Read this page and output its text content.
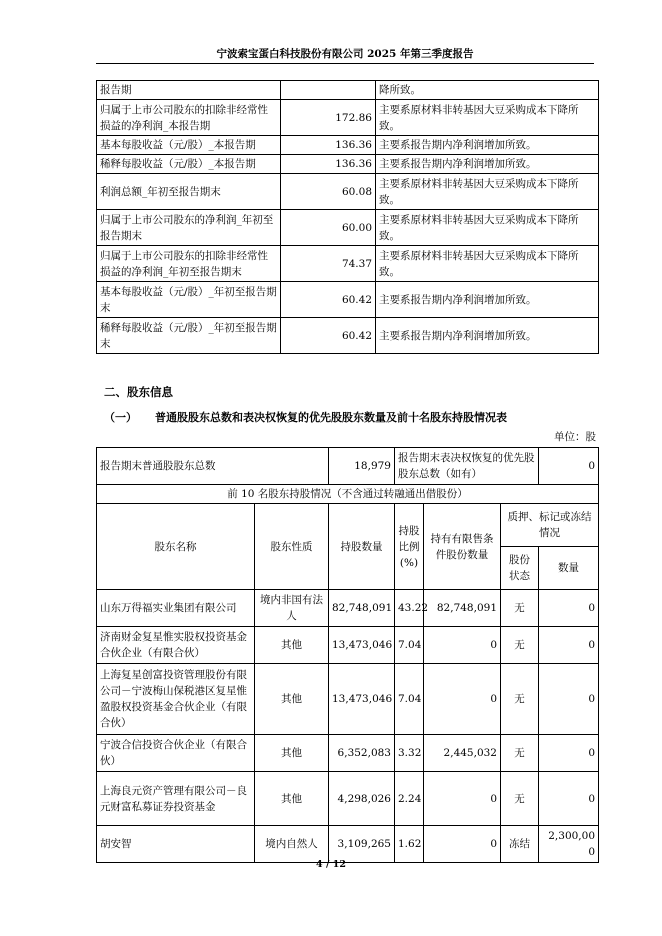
宁波索宝蛋白科技股份有限公司 2025 年第三季度报告
报告期		降所致。
归属于上市公司股东的扣除非经常性损益的净利润_本报告期	172.86	主要系原材料非转基因大豆采购成本下降所致。
基本每股收益（元/股）_本报告期	136.36	主要系报告期内净利润增加所致。
稀释每股收益（元/股）_本报告期	136.36	主要系报告期内净利润增加所致。
利润总额_年初至报告期末	60.08	主要系原材料非转基因大豆采购成本下降所致。
归属于上市公司股东的净利润_年初至报告期末	60.00	主要系原材料非转基因大豆采购成本下降所致。
归属于上市公司股东的扣除非经常性损益的净利润_年初至报告期末	74.37	主要系原材料非转基因大豆采购成本下降所致。
基本每股收益（元/股）_年初至报告期末	60.42	主要系报告期内净利润增加所致。
稀释每股收益（元/股）_年初至报告期末	60.42	主要系报告期内净利润增加所致。
二、股东信息
（一） 普通股股东总数和表决权恢复的优先股股东数量及前十名股东持股情况表
单位：股
报告期末普通股股东总数		18,979	报告期末表决权恢复的优先股股东总数（如有）			0
前 10 名股东持股情况（不含通过转融通出借股份）						
股东名称	股东性质	持股数量	持股比例(%)	持有有限售条件股份数量	质押、标记或冻结情况	
					股份状态	数量
山东万得福实业集团有限公司	境内非国有法人	82,748,091	43.22	82,748,091	无	0
济南财金复星惟实股权投资基金合伙企业（有限合伙）	其他	13,473,046	7.04	0	无	0
上海复星创富投资管理股份有限公司－宁波梅山保税港区复星惟盈股权投资基金合伙企业（有限合伙）	其他	13,473,046	7.04	0	无	0
宁波合信投资合伙企业（有限合伙）	其他	6,352,083	3.32	2,445,032	无	0
上海良元资产管理有限公司－良元财富私募证券投资基金	其他	4,298,026	2.24	0	无	0
胡安智	境内自然人	3,109,265	1.62	0	冻结	2,300,000
4 / 12
